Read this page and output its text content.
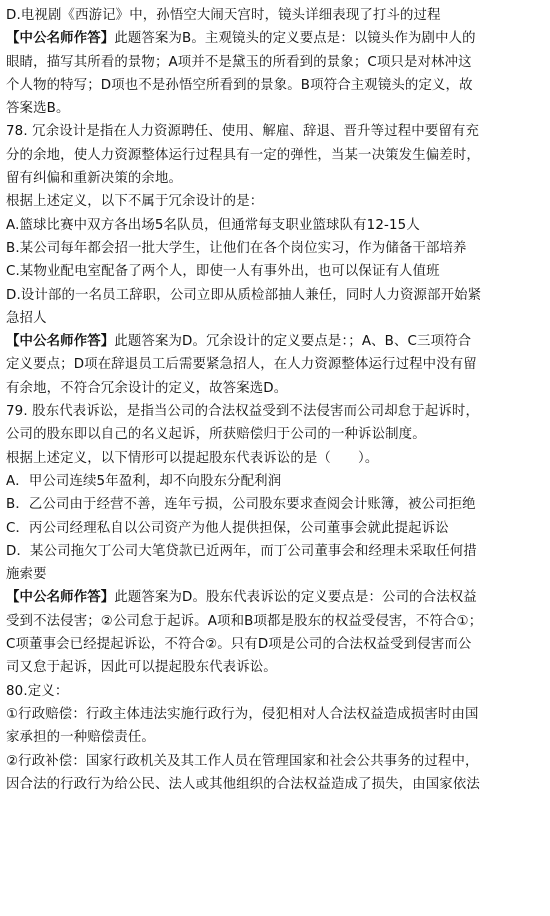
D.电视剧《西游记》中，孙悟空大闹天宫时，镜头详细表现了打斗的过程
【中公名师作答】此题答案为B。主观镜头的定义要点是：以镜头作为剧中人的
眼睛，描写其所看的景物；A项并不是黛玉的所看到的景象；C项只是对林冲这
个人物的特写；D项也不是孙悟空所看到的景象。B项符合主观镜头的定义，故
答案选B。
78. 冗余设计是指在人力资源聘任、使用、解雇、辞退、晋升等过程中要留有充
分的余地，使人力资源整体运行过程具有一定的弹性，当某一决策发生偏差时，
留有纠偏和重新决策的余地。
根据上述定义，以下不属于冗余设计的是：
A.篮球比赛中双方各出场5名队员，但通常每支职业篮球队有12-15人
B.某公司每年都会招一批大学生，让他们在各个岗位实习，作为储备干部培养
C.某物业配电室配备了两个人，即使一人有事外出，也可以保证有人值班
D.设计部的一名员工辞职，公司立即从质检部抽人兼任，同时人力资源部开始紧
急招人
【中公名师作答】此题答案为D。冗余设计的定义要点是：；A、B、C三项符合
定义要点；D项在辞退员工后需要紧急招人，在人力资源整体运行过程中没有留
有余地，不符合冗余设计的定义，故答案选D。
79. 股东代表诉讼，是指当公司的合法权益受到不法侵害而公司却怠于起诉时，
公司的股东即以自己的名义起诉，所获赔偿归于公司的一种诉讼制度。
根据上述定义，以下情形可以提起股东代表诉讼的是（　　）。
A．甲公司连续5年盈利，却不向股东分配利润
B．乙公司由于经营不善，连年亏损，公司股东要求查阅会计账簿，被公司拒绝
C．丙公司经理私自以公司资产为他人提供担保，公司董事会就此提起诉讼
D．某公司拖欠丁公司大笔贷款已近两年，而丁公司董事会和经理未采取任何措
施索要
【中公名师作答】此题答案为D。股东代表诉讼的定义要点是：公司的合法权益
受到不法侵害；②公司怠于起诉。A项和B项都是股东的权益受侵害，不符合①；
C项董事会已经提起诉讼，不符合②。只有D项是公司的合法权益受到侵害而公
司又怠于起诉，因此可以提起股东代表诉讼。
80.定义：
①行政赔偿：行政主体违法实施行政行为，侵犯相对人合法权益造成损害时由国
家承担的一种赔偿责任。
②行政补偿：国家行政机关及其工作人员在管理国家和社会公共事务的过程中，
因合法的行政行为给公民、法人或其他组织的合法权益造成了损失，由国家依法
